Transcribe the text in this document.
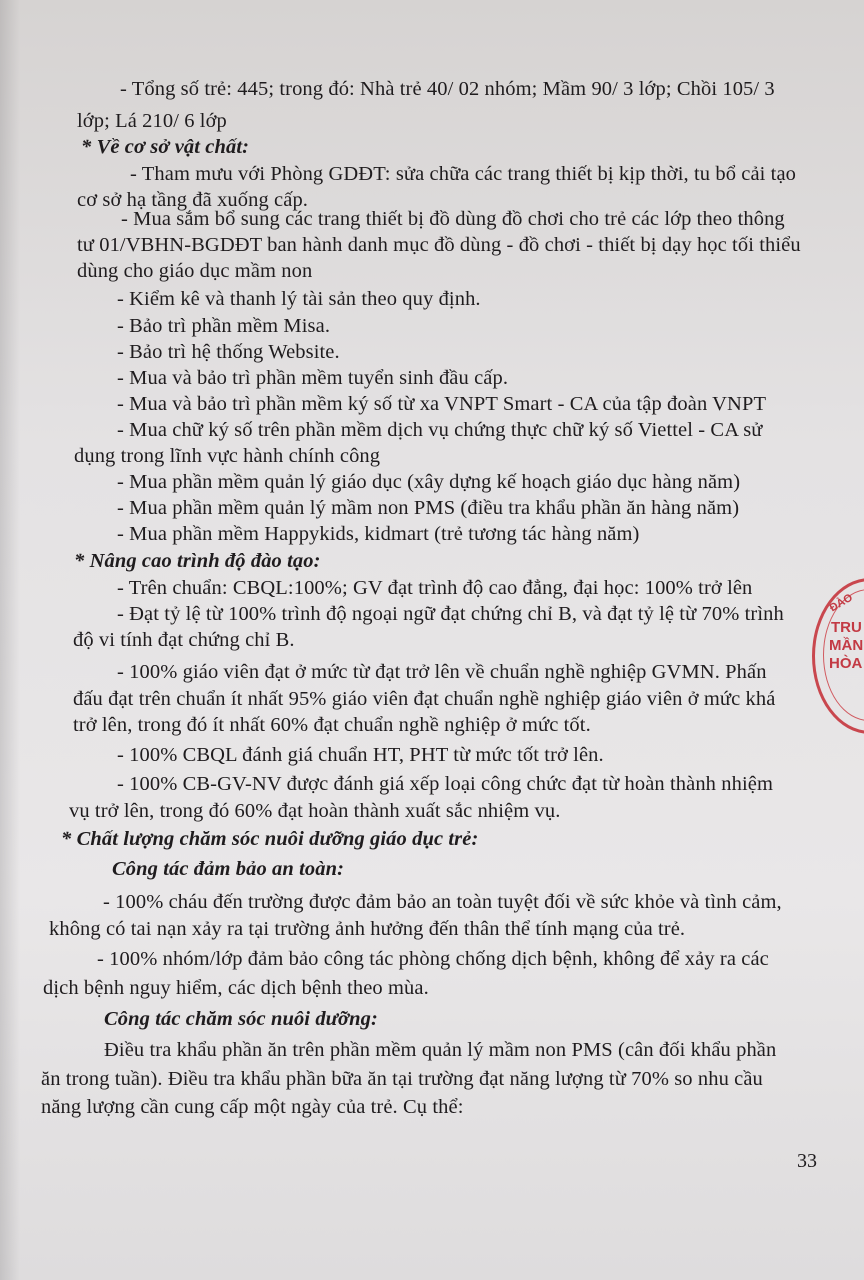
- Tổng số trẻ: 445; trong đó: Nhà trẻ 40/ 02 nhóm; Mầm 90/ 3 lớp; Chồi 105/ 3
lớp; Lá 210/ 6 lớp
* Về cơ sở vật chất:
- Tham mưu với Phòng GDĐT: sửa chữa các trang thiết bị kịp thời, tu bổ cải tạo
cơ sở hạ tầng đã xuống cấp.
- Mua sắm bổ sung các trang thiết bị đồ dùng đồ chơi cho trẻ các lớp theo thông
tư 01/VBHN-BGDĐT ban hành danh mục đồ dùng - đồ chơi - thiết bị dạy học tối thiểu
dùng cho giáo dục mầm non
- Kiểm kê và thanh lý tài sản theo quy định.
- Bảo trì phần mềm Misa.
- Bảo trì hệ thống Website.
- Mua và bảo trì phần mềm tuyển sinh đầu cấp.
- Mua và bảo trì phần mềm ký số từ xa VNPT Smart - CA của tập đoàn VNPT
- Mua chữ ký số trên phần mềm dịch vụ chứng thực chữ ký số Viettel - CA sử
dụng trong lĩnh vực hành chính công
- Mua phần mềm quản lý giáo dục (xây dựng kế hoạch giáo dục hàng năm)
- Mua phần mềm quản lý mầm non PMS (điều tra khẩu phần ăn hàng năm)
- Mua phần mềm Happykids, kidmart (trẻ tương tác hàng năm)
* Nâng cao trình độ đào tạo:
- Trên chuẩn: CBQL:100%; GV đạt trình độ cao đẳng, đại học: 100% trở lên
- Đạt tỷ lệ từ 100% trình độ ngoại ngữ đạt chứng chỉ B, và đạt tỷ lệ từ 70% trình
độ vi tính đạt chứng chỉ B.
- 100% giáo viên đạt ở mức từ đạt trở lên về chuẩn nghề nghiệp GVMN. Phấn
đấu đạt trên chuẩn ít nhất 95% giáo viên đạt chuẩn nghề nghiệp giáo viên ở mức khá
trở lên, trong đó ít nhất 60% đạt chuẩn nghề nghiệp ở mức tốt.
- 100% CBQL đánh giá chuẩn HT, PHT từ mức tốt trở lên.
- 100% CB-GV-NV được đánh giá xếp loại công chức đạt từ hoàn thành nhiệm
vụ trở lên, trong đó 60% đạt hoàn thành xuất sắc nhiệm vụ.
* Chất lượng chăm sóc nuôi dưỡng giáo dục trẻ:
Công tác đảm bảo an toàn:
- 100% cháu đến trường được đảm bảo an toàn tuyệt đối về sức khỏe và tình cảm,
không có tai nạn xảy ra tại trường ảnh hưởng đến thân thể tính mạng của trẻ.
- 100% nhóm/lớp đảm bảo công tác phòng chống dịch bệnh, không để xảy ra các
dịch bệnh nguy hiểm, các dịch bệnh theo mùa.
Công tác chăm sóc nuôi dưỡng:
Điều tra khẩu phần ăn trên phần mềm quản lý mầm non PMS (cân đối khẩu phần
ăn trong tuần). Điều tra khẩu phần bữa ăn tại trường đạt năng lượng từ 70% so nhu cầu
năng lượng cần cung cấp một ngày của trẻ. Cụ thể:
33
ĐÀO
TRU
MẦN
HÒA
